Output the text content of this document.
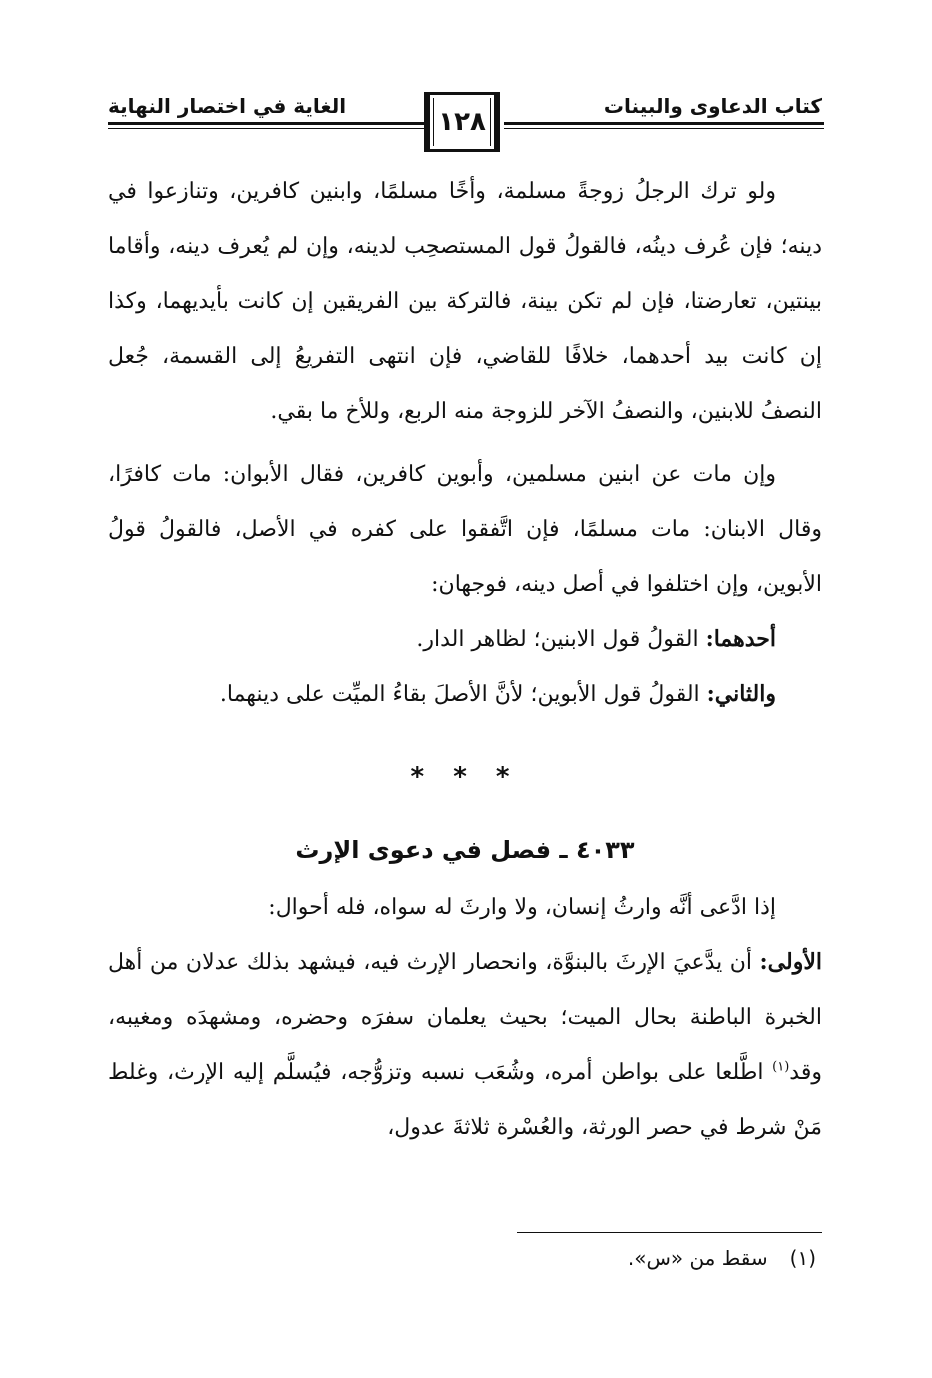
كتاب الدعاوى والبينات
الغاية في اختصار النهاية
١٢٨

ولو ترك الرجلُ زوجةً مسلمة، وأخًا مسلمًا، وابنين كافرين، وتنازعوا في دينه؛ فإن عُرف دينُه، فالقولُ قول المستصحِب لدينه، وإن لم يُعرف دينه، وأقاما بينتين، تعارضتا، فإن لم تكن بينة، فالتركة بين الفريقين إن كانت بأيديهما، وكذا إن كانت بيد أحدهما، خلافًا للقاضي، فإن انتهى التفريعُ إلى القسمة، جُعل النصفُ للابنين، والنصفُ الآخر للزوجة منه الربع، وللأخ ما بقي.

وإن مات عن ابنين مسلمين، وأبوين كافرين، فقال الأبوان: مات كافرًا، وقال الابنان: مات مسلمًا، فإن اتَّفقوا على كفره في الأصل، فالقولُ قولُ الأبوين، وإن اختلفوا في أصل دينه، فوجهان:

أحدهما: القولُ قول الابنين؛ لظاهر الدار.

والثاني: القولُ قول الأبوين؛ لأنَّ الأصلَ بقاءُ الميِّت على دينهما.

* * *
٤٠٣٣ ـ فصل في دعوى الإرث

إذا ادَّعى أنَّه وارثُ إنسان، ولا وارثَ له سواه، فله أحوال:

الأولى: أن يدَّعيَ الإرثَ بالبنوَّة، وانحصار الإرث فيه، فيشهد بذلك عدلان من أهل الخبرة الباطنة بحال الميت؛ بحيث يعلمان سفرَه وحضره، ومشهدَه ومغيبه، وقد$^{(١)}$ اطَّلعا على بواطن أمره، وشُعَب نسبه وتزوُّجه، فيُسلَّم إليه الإرث، وغلط مَنْ شرط في حصر الورثة، والعُسْرة ثلاثةَ عدول،

(١)سقط من «س».
